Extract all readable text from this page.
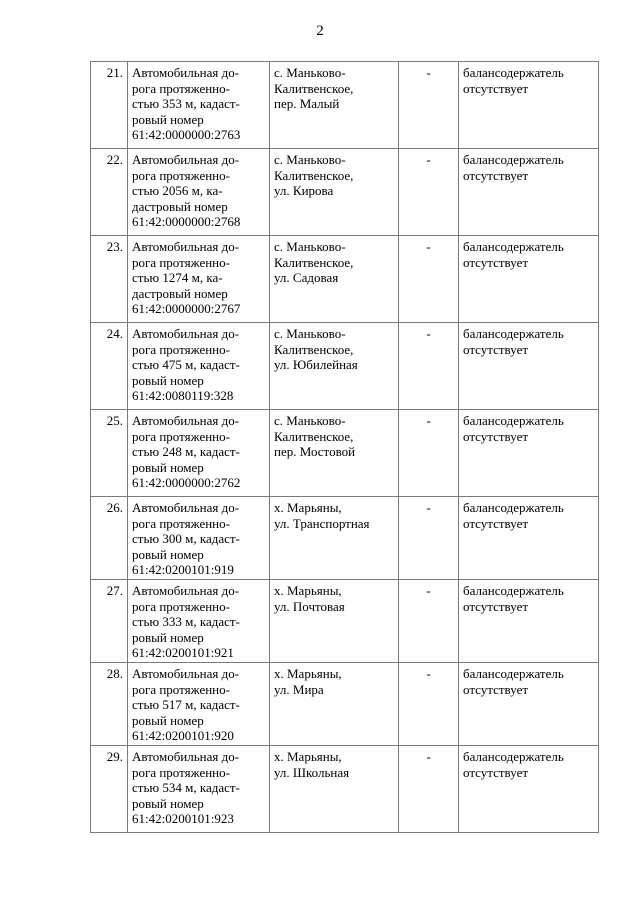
2
21.	Автомобильная до-
рога протяженно-
стью 353 м, кадаст-
ровый номер
61:42:0000000:2763	с. Маньково-
Калитвенское,
пер. Малый	-	балансодержатель
отсутствует

22.	Автомобильная до-
рога протяженно-
стью 2056 м, ка-
дастровый номер
61:42:0000000:2768	с. Маньково-
Калитвенское,
ул. Кирова	-	балансодержатель
отсутствует

23.	Автомобильная до-
рога протяженно-
стью 1274 м, ка-
дастровый номер
61:42:0000000:2767	с. Маньково-
Калитвенское,
ул. Садовая	-	балансодержатель
отсутствует

24.	Автомобильная до-
рога протяженно-
стью 475 м, кадаст-
ровый номер
61:42:0080119:328	с. Маньково-
Калитвенское,
ул. Юбилейная	-	балансодержатель
отсутствует

25.	Автомобильная до-
рога протяженно-
стью 248 м, кадаст-
ровый номер
61:42:0000000:2762	с. Маньково-
Калитвенское,
пер. Мостовой	-	балансодержатель
отсутствует

26.	Автомобильная до-
рога протяженно-
стью 300 м, кадаст-
ровый номер
61:42:0200101:919	х. Марьяны,
ул. Транспортная	-	балансодержатель
отсутствует

27.	Автомобильная до-
рога протяженно-
стью 333 м, кадаст-
ровый номер
61:42:0200101:921	х. Марьяны,
ул. Почтовая	-	балансодержатель
отсутствует

28.	Автомобильная до-
рога протяженно-
стью 517 м, кадаст-
ровый номер
61:42:0200101:920	х. Марьяны,
ул. Мира	-	балансодержатель
отсутствует

29.	Автомобильная до-
рога протяженно-
стью 534 м, кадаст-
ровый номер
61:42:0200101:923	х. Марьяны,
ул. Школьная	-	балансодержатель
отсутствует
